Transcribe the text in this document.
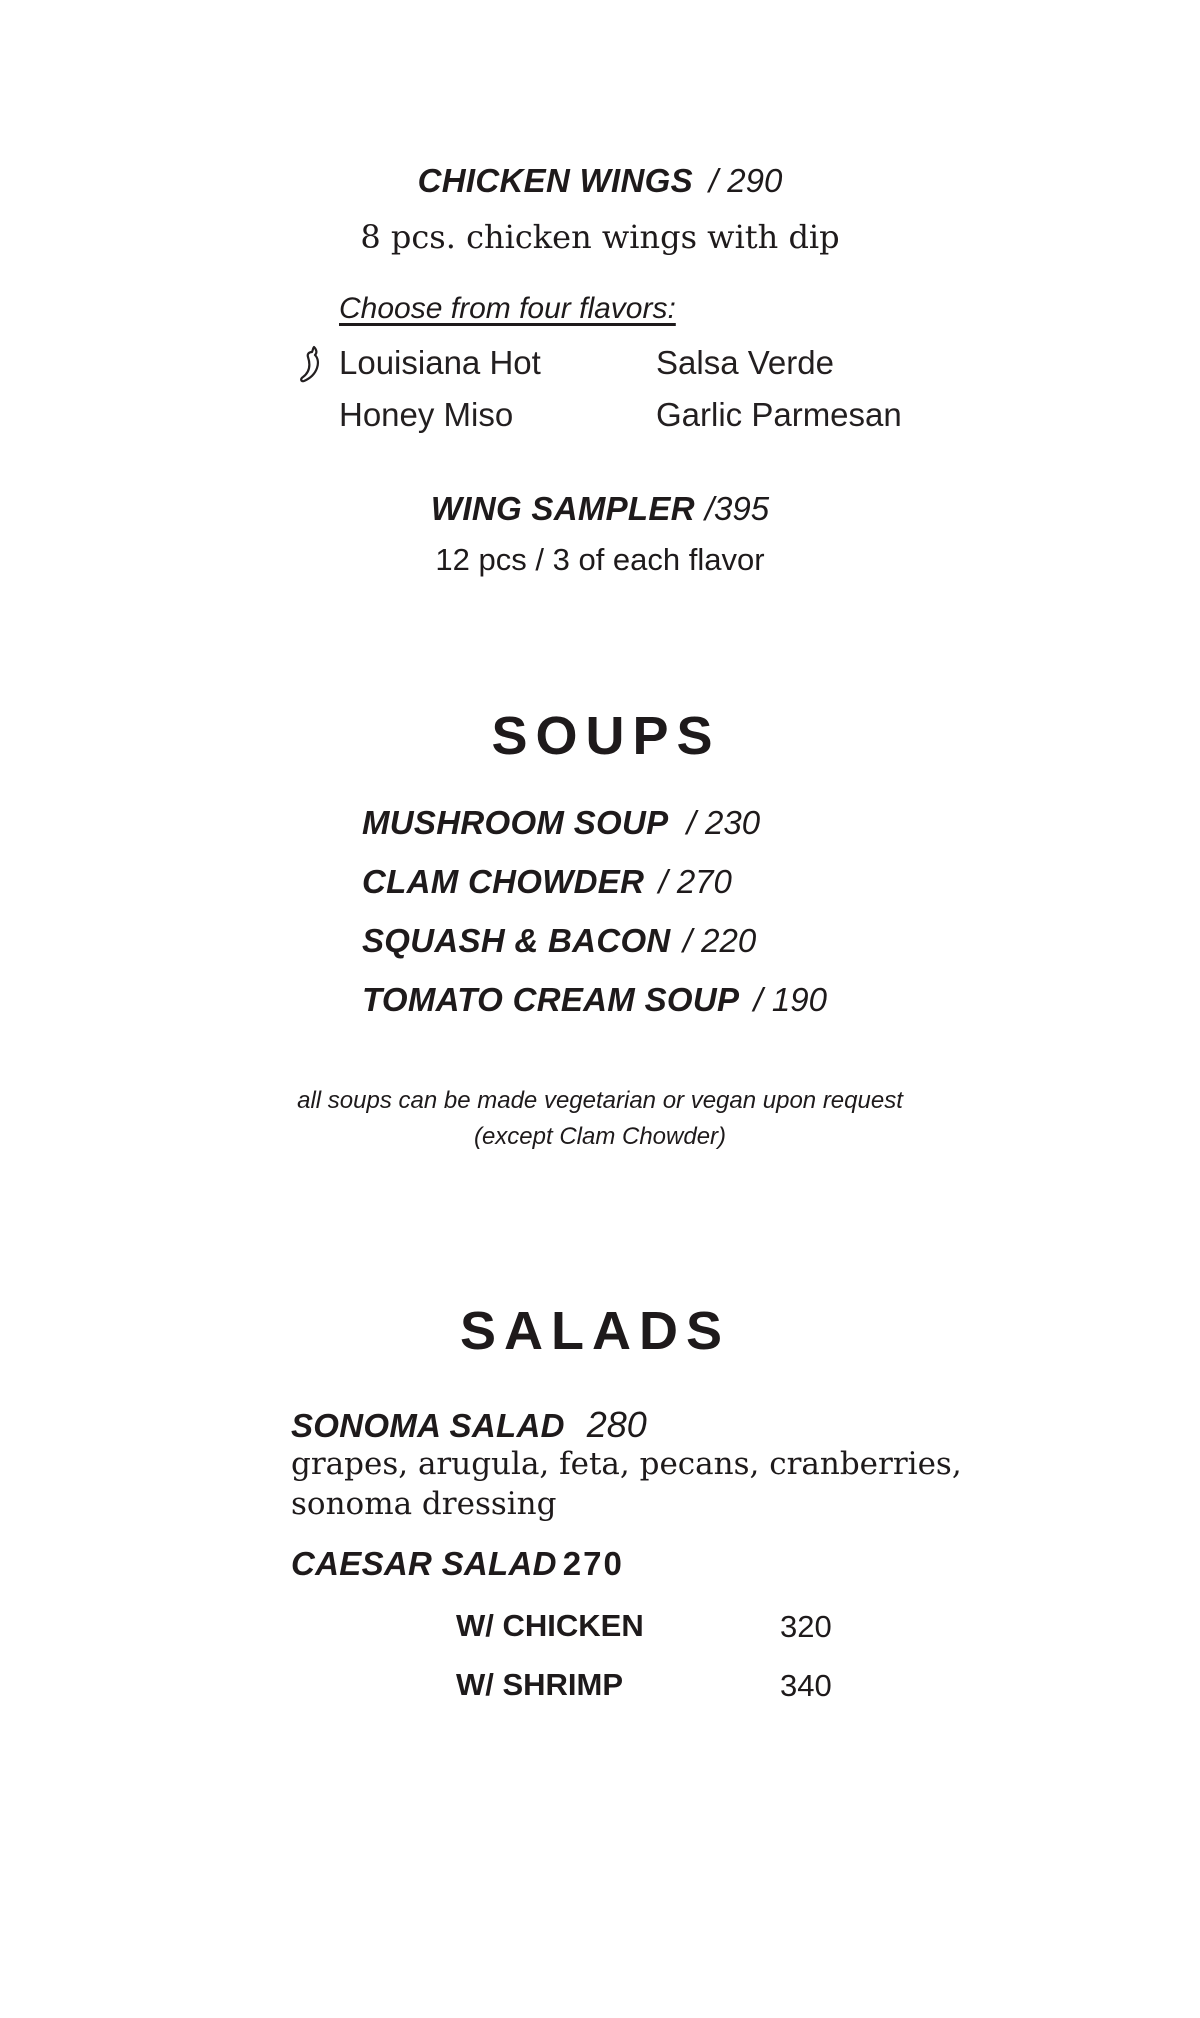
CHICKEN WINGS / 290
8 pcs. chicken wings with dip
Choose from four flavors:
Louisiana Hot	Salsa Verde
Honey Miso	Garlic Parmesan
WING SAMPLER /395
12 pcs / 3 of each flavor
SOUPS
MUSHROOM SOUP / 230
CLAM CHOWDER / 270
SQUASH & BACON / 220
TOMATO CREAM SOUP / 190
all soups can be made vegetarian or vegan upon request
(except Clam Chowder)
SALADS
SONOMA SALAD 280
grapes, arugula, feta, pecans, cranberries,
sonoma dressing
CAESAR SALAD 270
W/ CHICKEN	320
W/ SHRIMP	340
